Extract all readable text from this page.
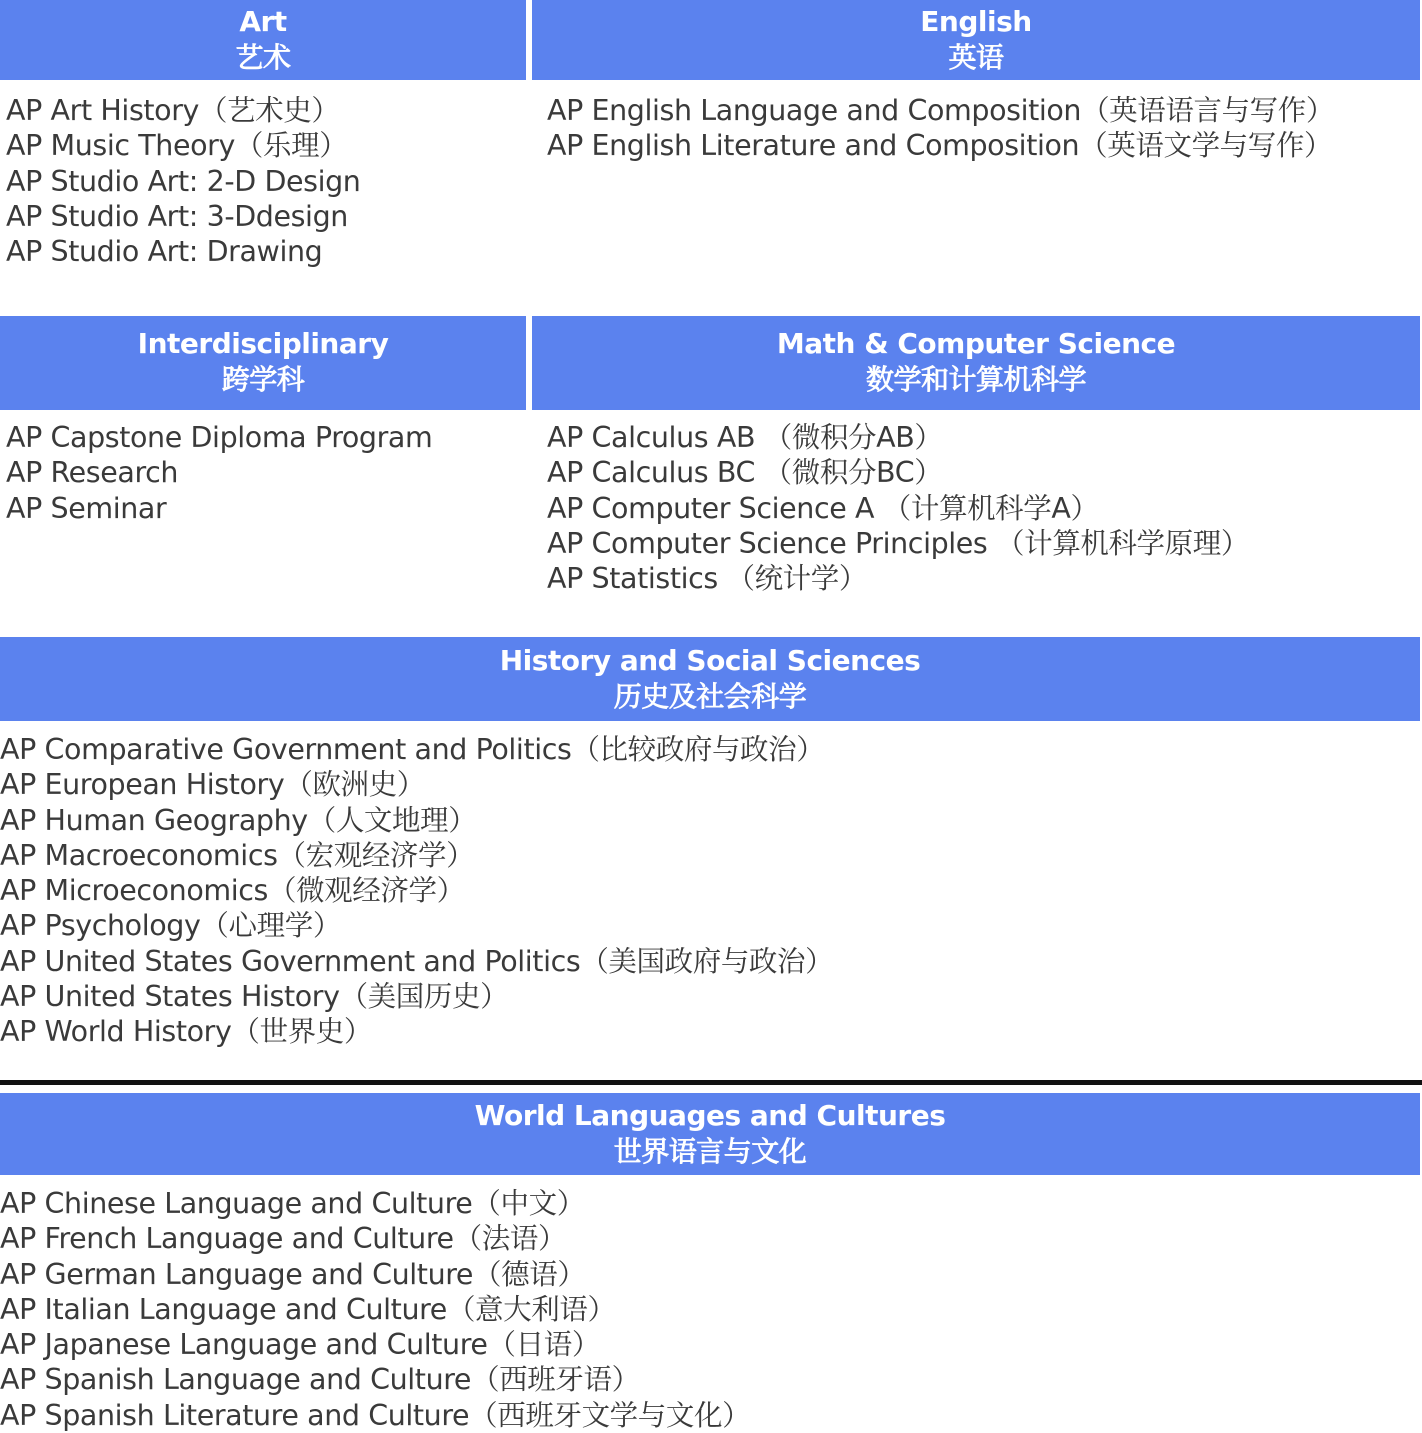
Art
艺术
English
英语
AP Art History（艺术史）
AP Music Theory（乐理）
AP Studio Art: 2-D Design
AP Studio Art: 3-Ddesign
AP Studio Art: Drawing
AP English Language and Composition（英语语言与写作）
AP English Literature and Composition（英语文学与写作）
Interdisciplinary
跨学科
Math & Computer Science
数学和计算机科学
AP Capstone Diploma Program
AP Research
AP Seminar
AP Calculus AB （微积分AB）
AP Calculus BC （微积分BC）
AP Computer Science A （计算机科学A）
AP Computer Science Principles （计算机科学原理）
AP Statistics （统计学）
History and Social Sciences
历史及社会科学
AP Comparative Government and Politics（比较政府与政治）
AP European History（欧洲史）
AP Human Geography（人文地理）
AP Macroeconomics（宏观经济学）
AP Microeconomics（微观经济学）
AP Psychology（心理学）
AP United States Government and Politics（美国政府与政治）
AP United States History（美国历史）
AP World History（世界史）
World Languages and Cultures
世界语言与文化
AP Chinese Language and Culture（中文）
AP French Language and Culture（法语）
AP German Language and Culture（德语）
AP Italian Language and Culture（意大利语）
AP Japanese Language and Culture（日语）
AP Spanish Language and Culture（西班牙语）
AP Spanish Literature and Culture（西班牙文学与文化）
